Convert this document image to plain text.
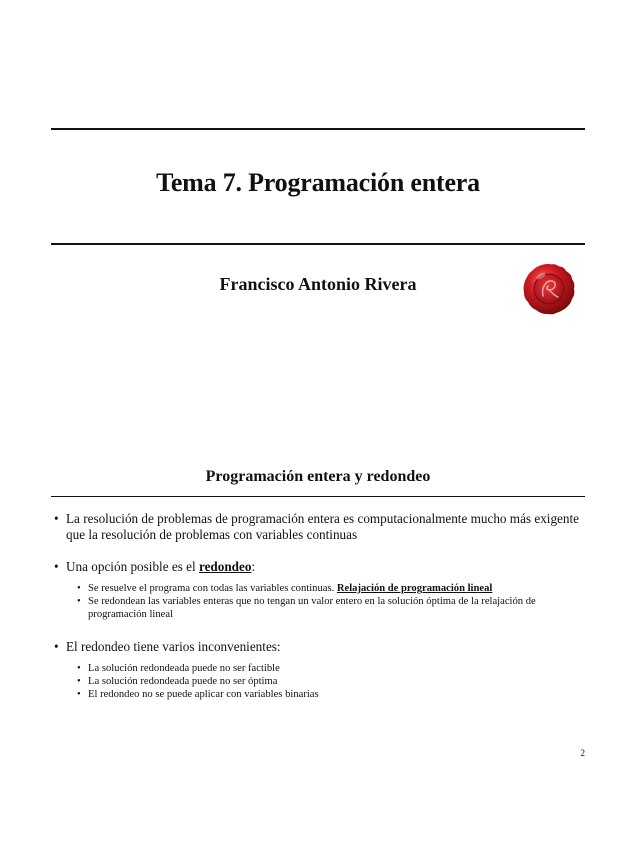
Tema 7. Programación entera
Francisco Antonio Rivera
Programación entera y redondeo
• La resolución de problemas de programación entera es computacionalmente mucho más exigente que la resolución de problemas con variables continuas
• Una opción posible es el redondeo:
• Se resuelve el programa con todas las variables continuas. Relajación de programación lineal
• Se redondean las variables enteras que no tengan un valor entero en la solución óptima de la relajación de programación lineal
• El redondeo tiene varios inconvenientes:
• La solución redondeada puede no ser factible
• La solución redondeada puede no ser óptima
• El redondeo no se puede aplicar con variables binarias
2
